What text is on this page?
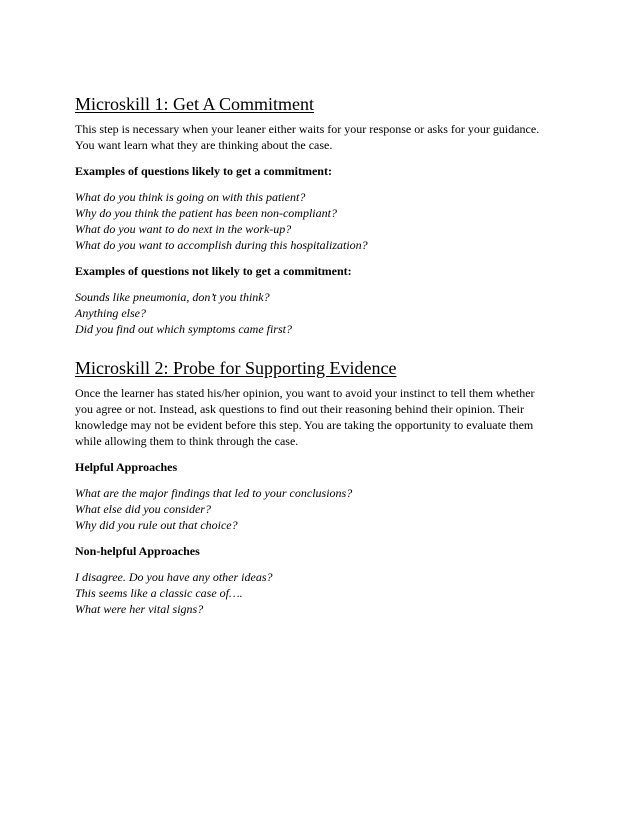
Microskill 1: Get A Commitment

This step is necessary when your leaner either waits for your response or asks for your guidance.
You want learn what they are thinking about the case.

Examples of questions likely to get a commitment:

What do you think is going on with this patient?
Why do you think the patient has been non-compliant?
What do you want to do next in the work-up?
What do you want to accomplish during this hospitalization?

Examples of questions not likely to get a commitment:

Sounds like pneumonia, don’t you think?
Anything else?
Did you find out which symptoms came first?
Microskill 2: Probe for Supporting Evidence

Once the learner has stated his/her opinion, you want to avoid your instinct to tell them whether
you agree or not. Instead, ask questions to find out their reasoning behind their opinion. Their
knowledge may not be evident before this step. You are taking the opportunity to evaluate them
while allowing them to think through the case.

Helpful Approaches

What are the major findings that led to your conclusions?
What else did you consider?
Why did you rule out that choice?

Non-helpful Approaches

I disagree. Do you have any other ideas?
This seems like a classic case of….
What were her vital signs?
